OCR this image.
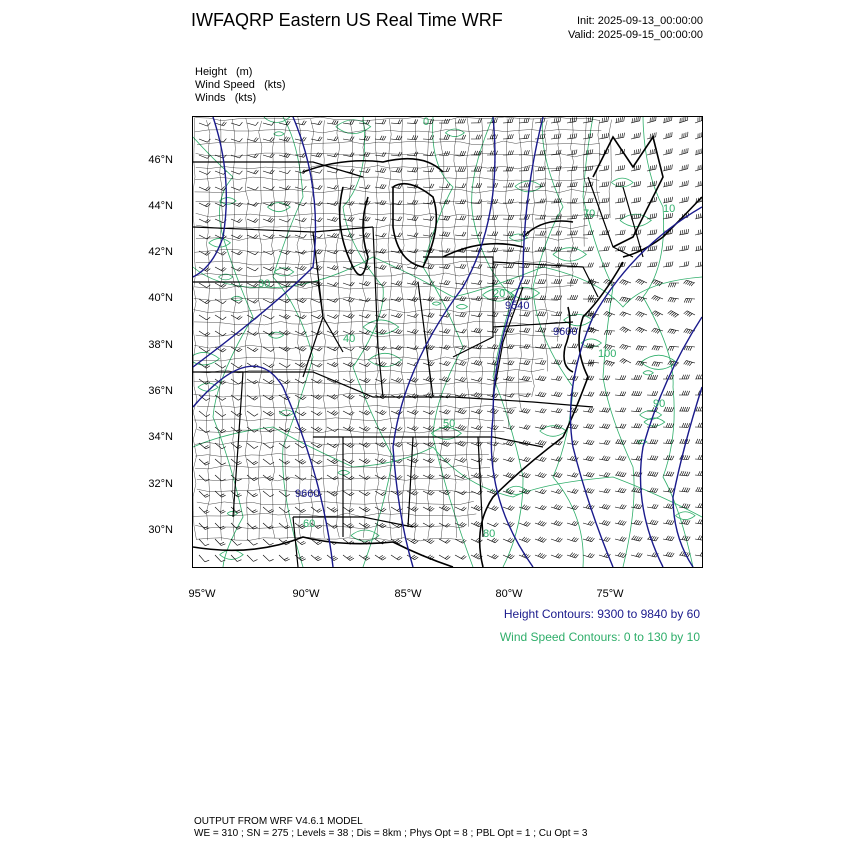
IWFAQRP Eastern US Real Time WRF	Init: 2025-09-13_00:00:00
Valid: 2025-09-15_00:00:00
Height (m)
Wind Speed (kts)
Winds (kts)
9540
9660
9600
0
10
20
30
40
50
60
70
80
90
100
46°N
44°N
42°N
40°N
38°N
36°N
34°N
32°N
30°N
95°W	90°W	85°W	80°W	75°W
Height Contours: 9300 to 9840 by 60
Wind Speed Contours: 0 to 130 by 10
OUTPUT FROM WRF V4.6.1 MODEL
WE = 310 ; SN = 275 ; Levels = 38 ; Dis = 8km ; Phys Opt = 8 ; PBL Opt = 1 ; Cu Opt = 3
